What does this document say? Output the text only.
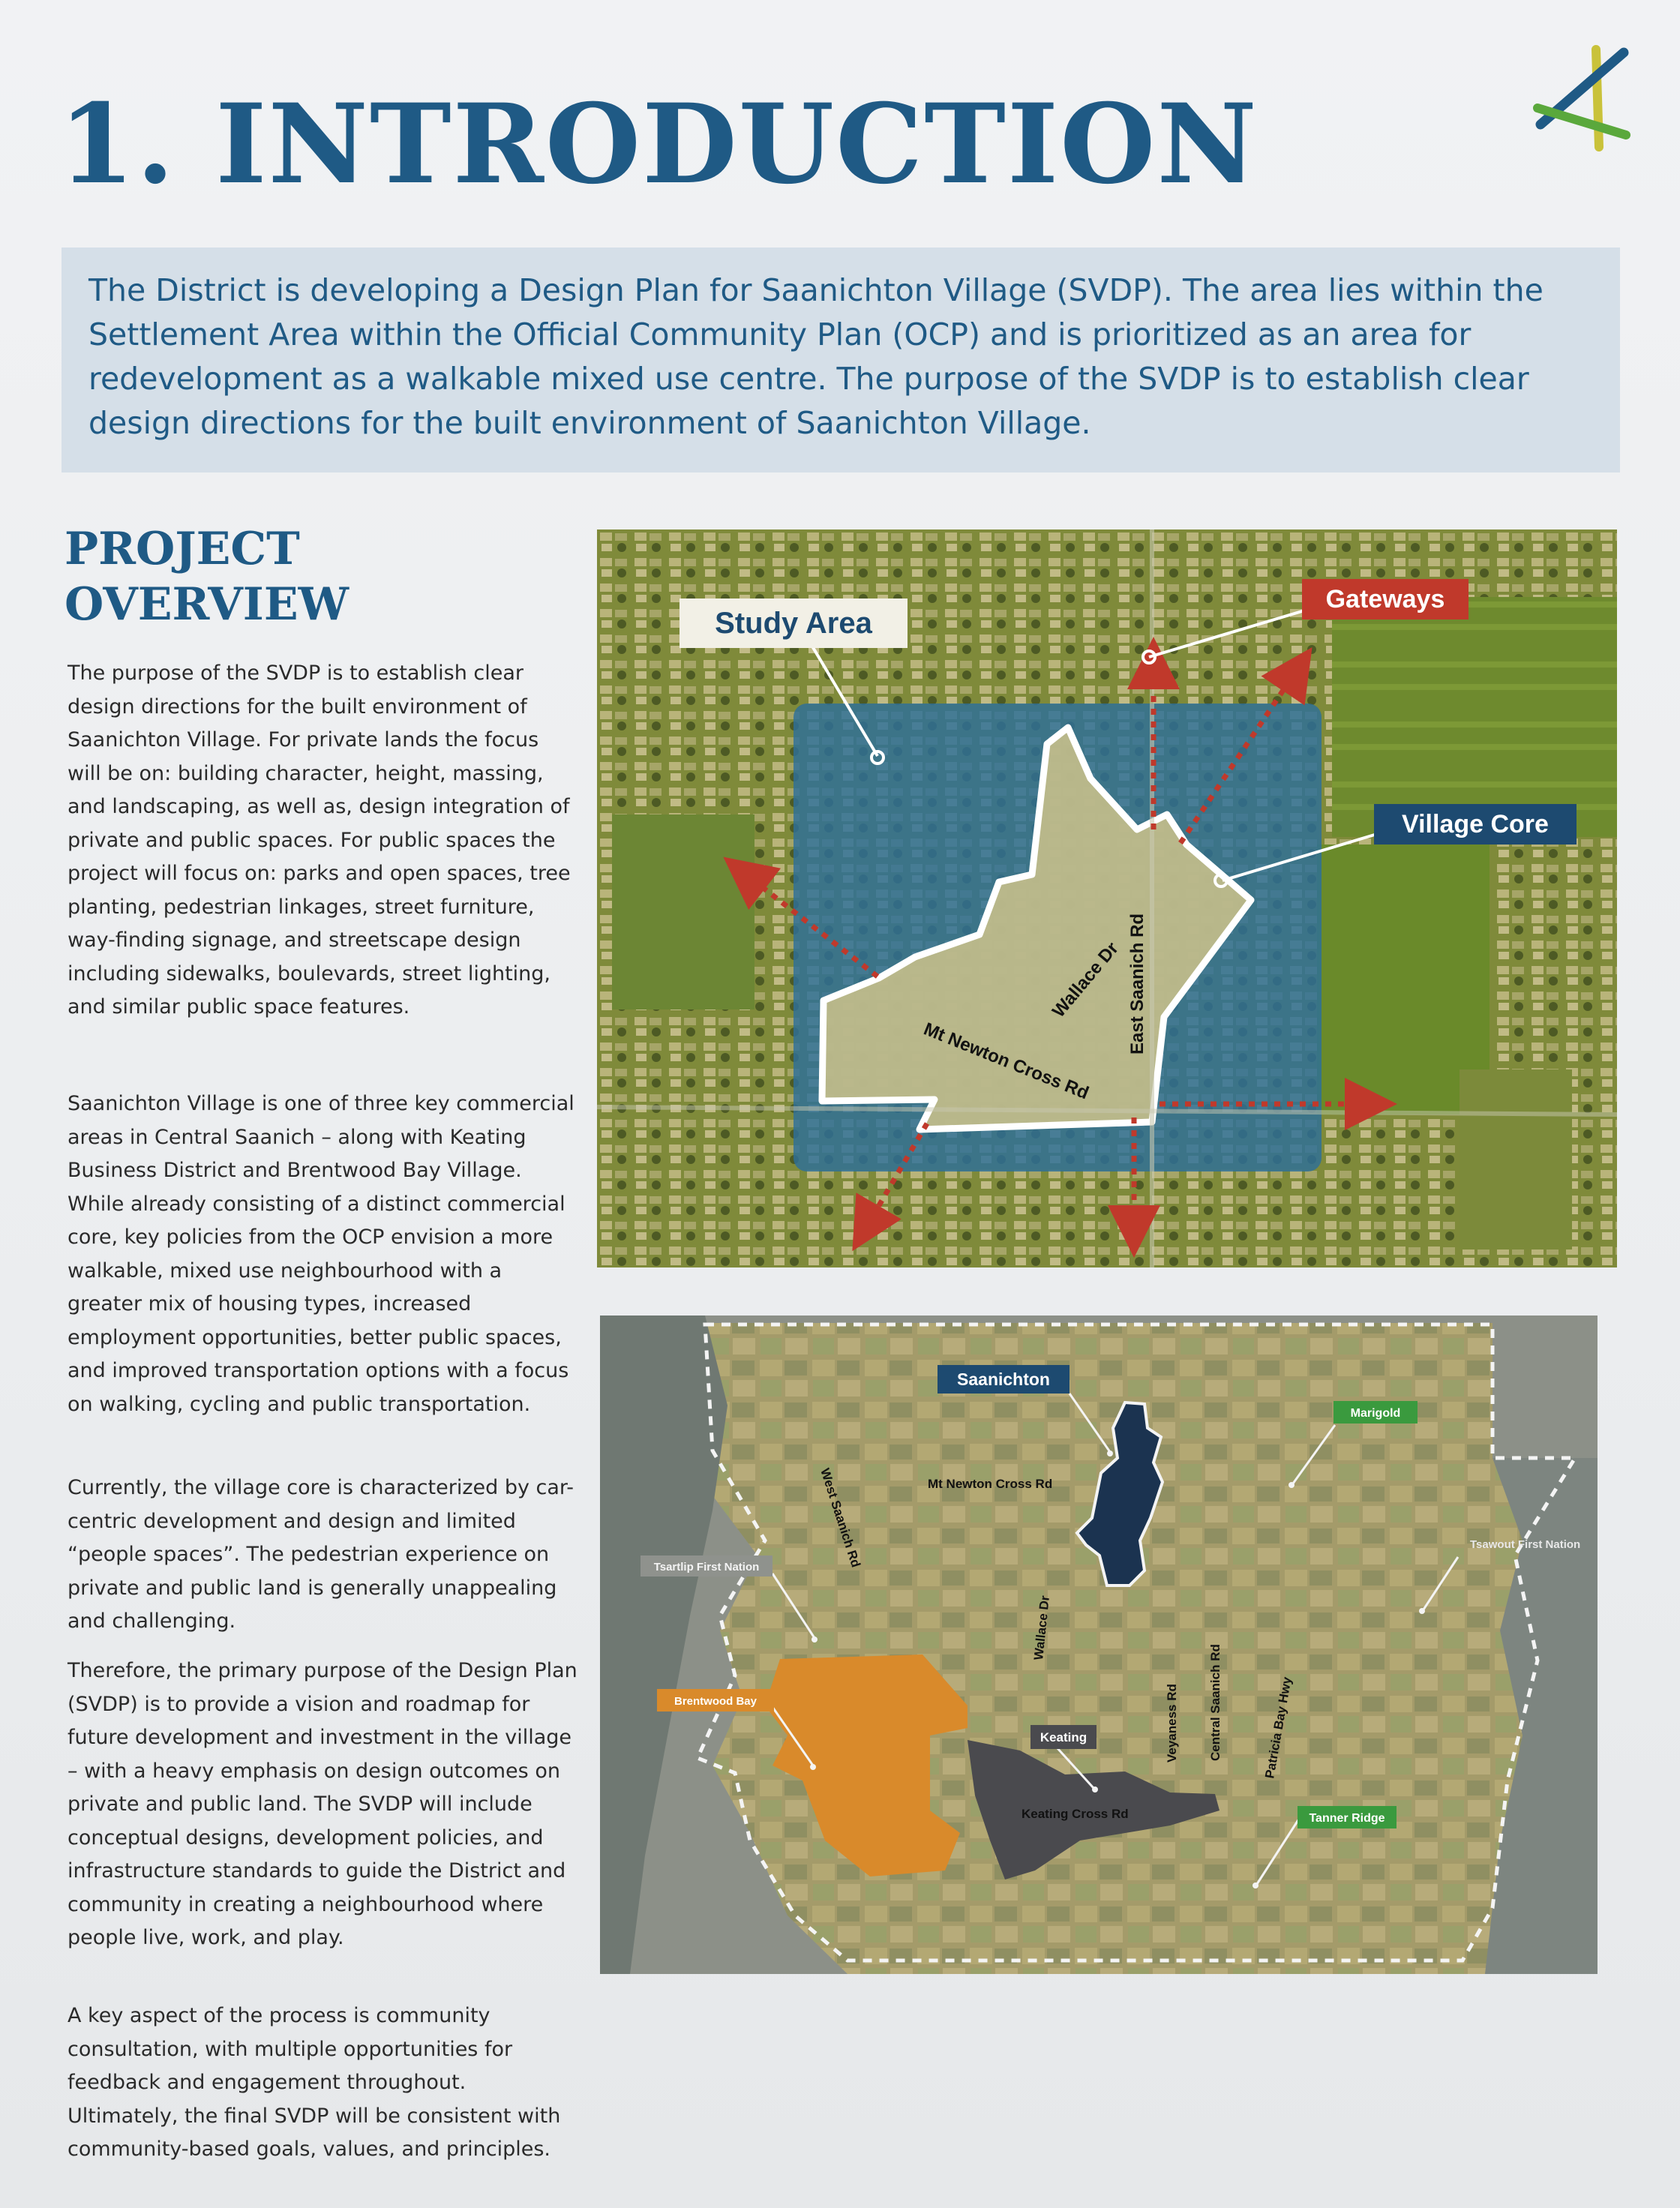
1. INTRODUCTION

The District is developing a Design Plan for Saanichton Village (SVDP). The area lies within the Settlement Area within the Official Community Plan (OCP) and is prioritized as an area for redevelopment as a walkable mixed use centre. The purpose of the SVDP is to establish clear design directions for the built environment of Saanichton Village.

PROJECT OVERVIEW

The purpose of the SVDP is to establish clear design directions for the built environment of Saanichton Village. For private lands the focus will be on: building character, height, massing, and landscaping, as well as, design integration of private and public spaces. For public spaces the project will focus on: parks and open spaces, tree planting, pedestrian linkages, street furniture, way-finding signage, and streetscape design including sidewalks, boulevards, street lighting, and similar public space features.

Saanichton Village is one of three key commercial areas in Central Saanich – along with Keating Business District and Brentwood Bay Village. While already consisting of a distinct commercial core, key policies from the OCP envision a more walkable, mixed use neighbourhood with a greater mix of housing types, increased employment opportunities, better public spaces, and improved transportation options with a focus on walking, cycling and public transportation.

Currently, the village core is characterized by car-centric development and design and limited “people spaces”. The pedestrian experience on private and public land is generally unappealing and challenging.

Therefore, the primary purpose of the Design Plan (SVDP) is to provide a vision and roadmap for future development and investment in the village – with a heavy emphasis on design outcomes on private and public land. The SVDP will include conceptual designs, development policies, and infrastructure standards to guide the District and community in creating a neighbourhood where people live, work, and play.

A key aspect of the process is community consultation, with multiple opportunities for feedback and engagement throughout. Ultimately, the final SVDP will be consistent with community-based goals, values, and principles.

Wallace Dr East Saanich Rd
Mt Newton Cross Rd
Study Area
Gateways
Village Core
Mt Newton Cross Rd
West Saanich Rd
Wallace Dr
Veyaness Rd Central Saanich Rd	Patricia Bay Hwy
Keating Cross Rd
Saanichton
Marigold
Tsawout First Nation
Tsartlip First Nation
Brentwood Bay
Keating
Tanner Ridge
